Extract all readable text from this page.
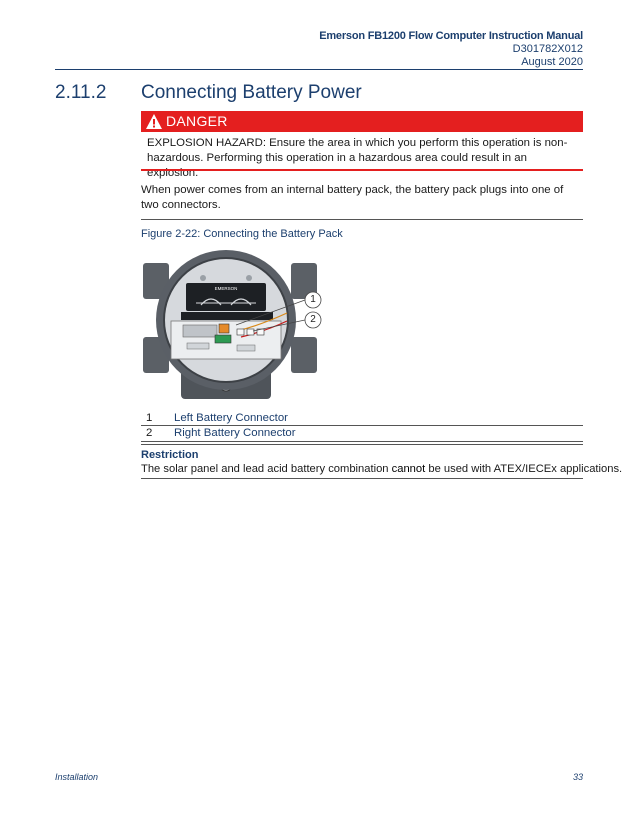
Emerson FB1200 Flow Computer Instruction Manual
D301782X012
August 2020
2.11.2 Connecting Battery Power
DANGER
EXPLOSION HAZARD: Ensure the area in which you perform this operation is non-hazardous. Performing this operation in a hazardous area could result in an explosion.
When power comes from an internal battery pack, the battery pack plugs into one of two connectors.
Figure 2-22: Connecting the Battery Pack
EMERSON
1
2
1 Left Battery Connector
2 Right Battery Connector
Restriction
The solar panel and lead acid battery combination cannot be used with ATEX/IECEx applications.
Installation	33
